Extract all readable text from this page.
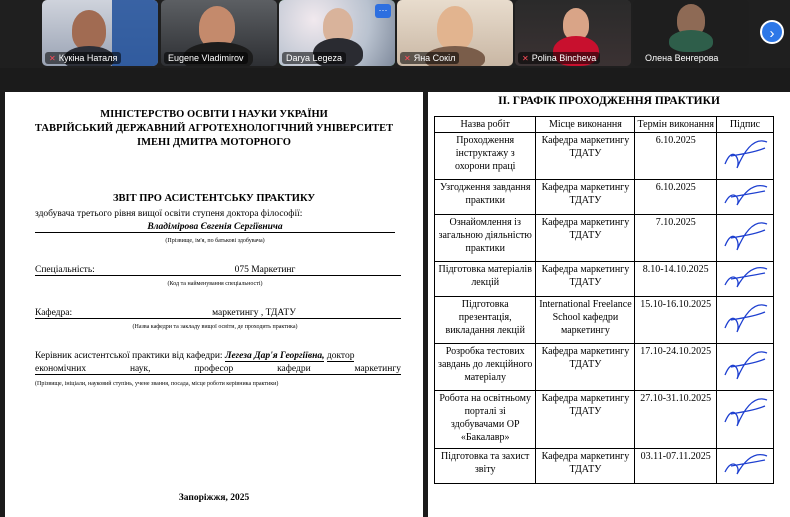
✕ Кукіна Наталя	Eugene Vladimirov
···
Darya Legeza	✕ Яна Сокіл	✕ Polina Bincheva	Олена Венгерова
›
МІНІСТЕРСТВО ОСВІТИ І НАУКИ УКРАЇНИ
ТАВРІЙСЬКИЙ ДЕРЖАВНИЙ АГРОТЕХНОЛОГІЧНИЙ УНІВЕРСИТЕТ
ІМЕНІ ДМИТРА МОТОРНОГО
ЗВІТ ПРО АСИСТЕНТСЬКУ ПРАКТИКУ
здобувача третього рівня вищої освіти ступеня доктора філософії:
Владімірова Євгенія Сергіївнича
(Прізвище, ім'я, по батькові здобувача)
Спеціальність:	075 Маркетинг
(Код та найменування спеціальності)
Кафедра:	маркетингу , ТДАТУ
(Назва кафедри та закладу вищої освіти, де проходить практика)
Керівник асистентської практики від кафедри: Легеза Дар'я Георгіївна, доктор
економічних	наук,	професор	кафедри	маркетингу
(Прізвище, ініціали, науковий ступінь, учене звання, посада, місце роботи керівника практики)
Запоріжжя, 2025
ІІ. ГРАФІК ПРОХОДЖЕННЯ ПРАКТИКИ
Назва робіт	Місце виконання	Термін виконання	Підпис
Проходження інструктажу з охорони праці	Кафедра маркетингу ТДАТУ	6.10.2025	
Узгодження завдання практики	Кафедра маркетингу ТДАТУ	6.10.2025	
Ознайомлення із загальною діяльністю практики	Кафедра маркетингу ТДАТУ	7.10.2025	
Підготовка матеріалів лекцій	Кафедра маркетингу ТДАТУ	8.10-14.10.2025	
Підготовка презентація, викладання лекцій	International Freelance School кафедри маркетингу	15.10-16.10.2025	
Розробка тестових завдань до лекційного матеріалу	Кафедра маркетингу ТДАТУ	17.10-24.10.2025	
Робота на освітньому порталі зі здобувачами ОР «Бакалавр»	Кафедра маркетингу ТДАТУ	27.10-31.10.2025	
Підготовка та захист звіту	Кафедра маркетингу ТДАТУ	03.11-07.11.2025	
